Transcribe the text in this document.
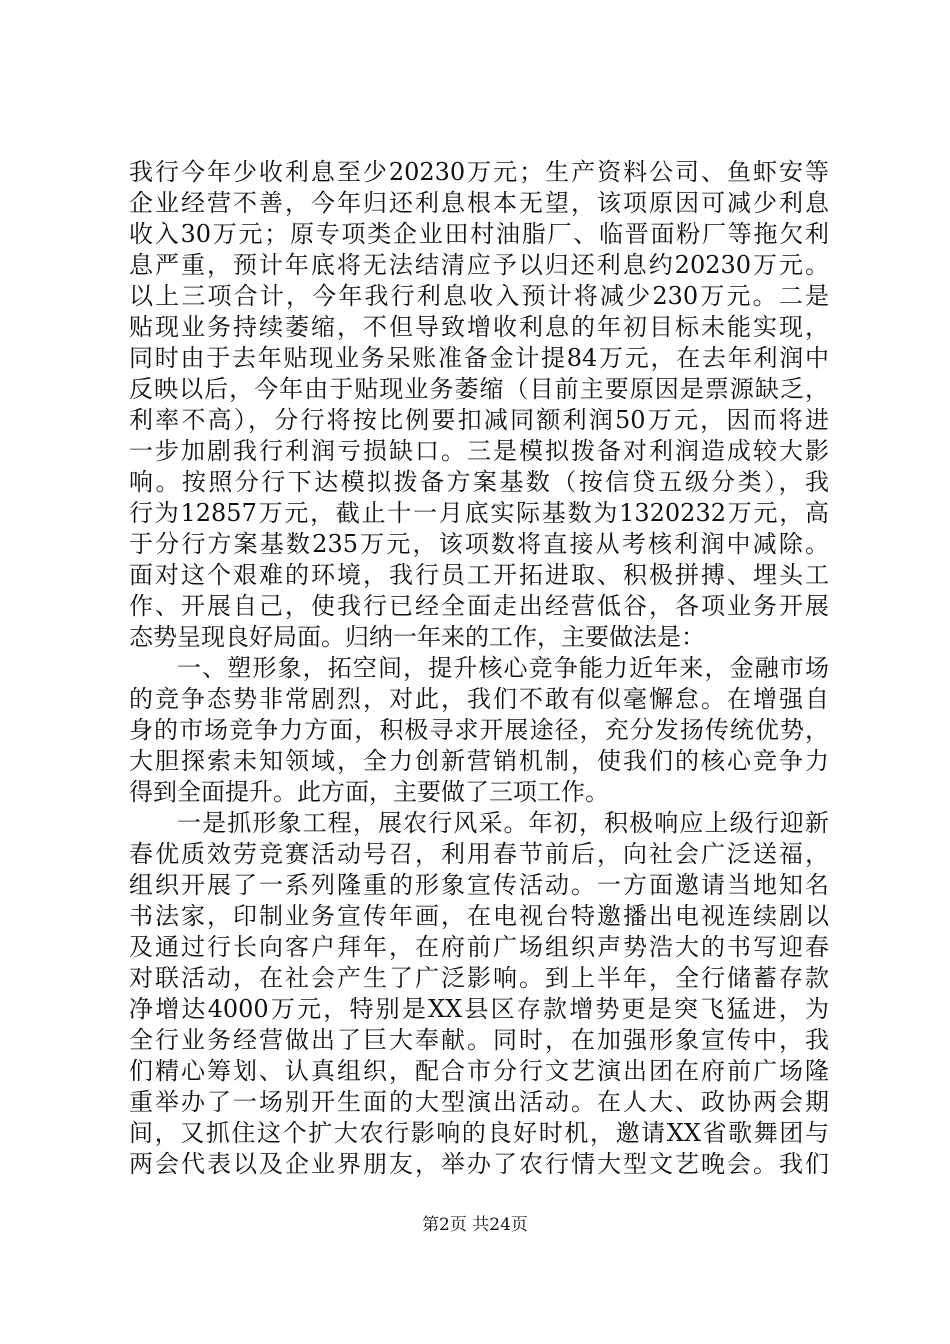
我行今年少收利息至少20230万元；生产资料公司、鱼虾安等
企业经营不善，今年归还利息根本无望，该项原因可减少利息
收入30万元；原专项类企业田村油脂厂、临晋面粉厂等拖欠利
息严重，预计年底将无法结清应予以归还利息约20230万元。
以上三项合计，今年我行利息收入预计将减少230万元。二是
贴现业务持续萎缩，不但导致增收利息的年初目标未能实现，
同时由于去年贴现业务呆账准备金计提84万元，在去年利润中
反映以后，今年由于贴现业务萎缩（目前主要原因是票源缺乏，
利率不高），分行将按比例要扣减同额利润50万元，因而将进
一步加剧我行利润亏损缺口。三是模拟拨备对利润造成较大影
响。按照分行下达模拟拨备方案基数（按信贷五级分类），我
行为12857万元，截止十一月底实际基数为1320232万元，高
于分行方案基数235万元，该项数将直接从考核利润中减除。
面对这个艰难的环境，我行员工开拓进取、积极拼搏、埋头工
作、开展自己，使我行已经全面走出经营低谷，各项业务开展
态势呈现良好局面。归纳一年来的工作，主要做法是：
一、塑形象，拓空间，提升核心竞争能力近年来，金融市场
的竞争态势非常剧烈，对此，我们不敢有似毫懈怠。在增强自
身的市场竞争力方面，积极寻求开展途径，充分发扬传统优势，
大胆探索未知领域，全力创新营销机制，使我们的核心竞争力
得到全面提升。此方面，主要做了三项工作。
一是抓形象工程，展农行风采。年初，积极响应上级行迎新
春优质效劳竞赛活动号召，利用春节前后，向社会广泛送福，
组织开展了一系列隆重的形象宣传活动。一方面邀请当地知名
书法家，印制业务宣传年画，在电视台特邀播出电视连续剧以
及通过行长向客户拜年，在府前广场组织声势浩大的书写迎春
对联活动，在社会产生了广泛影响。到上半年，全行储蓄存款
净增达4000万元，特别是XX县区存款增势更是突飞猛进，为
全行业务经营做出了巨大奉献。同时，在加强形象宣传中，我
们精心筹划、认真组织，配合市分行文艺演出团在府前广场隆
重举办了一场别开生面的大型演出活动。在人大、政协两会期
间，又抓住这个扩大农行影响的良好时机，邀请XX省歌舞团与
两会代表以及企业界朋友，举办了农行情大型文艺晚会。我们
第2页 共24页
